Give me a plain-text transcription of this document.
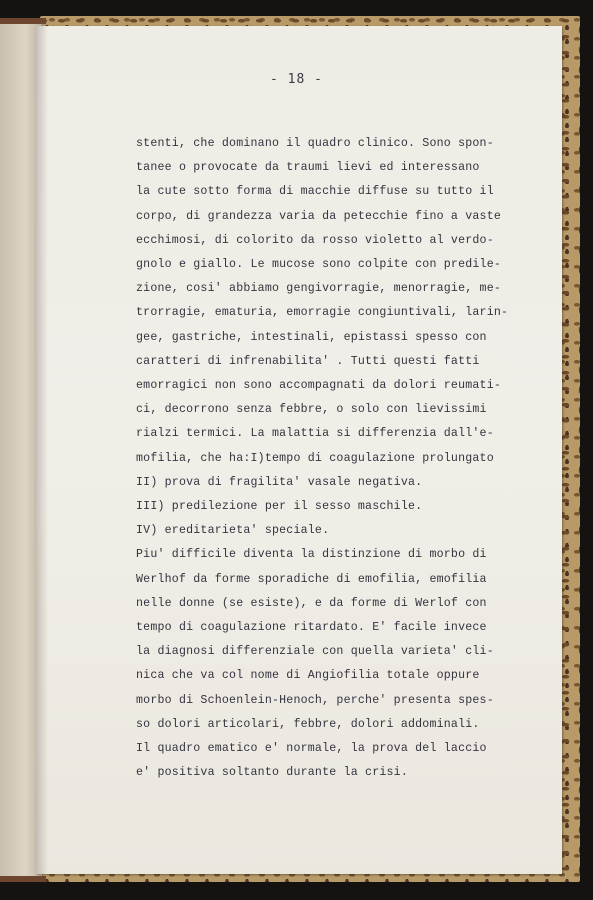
- 18 -
stenti, che dominano il quadro clinico. Sono spon-
tanee o provocate da traumi lievi ed interessano
la cute sotto forma di macchie diffuse su tutto il
corpo, di grandezza varia da petecchie fino a vaste
ecchimosi, di colorito da rosso violetto al verdo-
gnolo e giallo. Le mucose sono colpite con predile-
zione, cosi' abbiamo gengivorragie, menorragie, me-
trorragie, ematuria, emorragie congiuntivali, larin-
gee, gastriche, intestinali, epistassi spesso con
caratteri di infrenabilita' . Tutti questi fatti
emorragici non sono accompagnati da dolori reumati-
ci, decorrono senza febbre, o solo con lievissimi
rialzi termici. La malattia si differenzia dall'e-
mofilia, che ha:I)tempo di coagulazione prolungato
II) prova di fragilita' vasale negativa.
III) predilezione per il sesso maschile.
IV) ereditarieta' speciale.
Piu' difficile diventa la distinzione di morbo di
Werlhof da forme sporadiche di emofilia, emofilia
nelle donne (se esiste), e da forme di Werlof con
tempo di coagulazione ritardato. E' facile invece
la diagnosi differenziale con quella varieta' cli-
nica che va col nome di Angiofilia totale oppure
morbo di Schoenlein-Henoch, perche' presenta spes-
so dolori articolari, febbre, dolori addominali.
Il quadro ematico e' normale, la prova del laccio
e' positiva soltanto durante la crisi.
